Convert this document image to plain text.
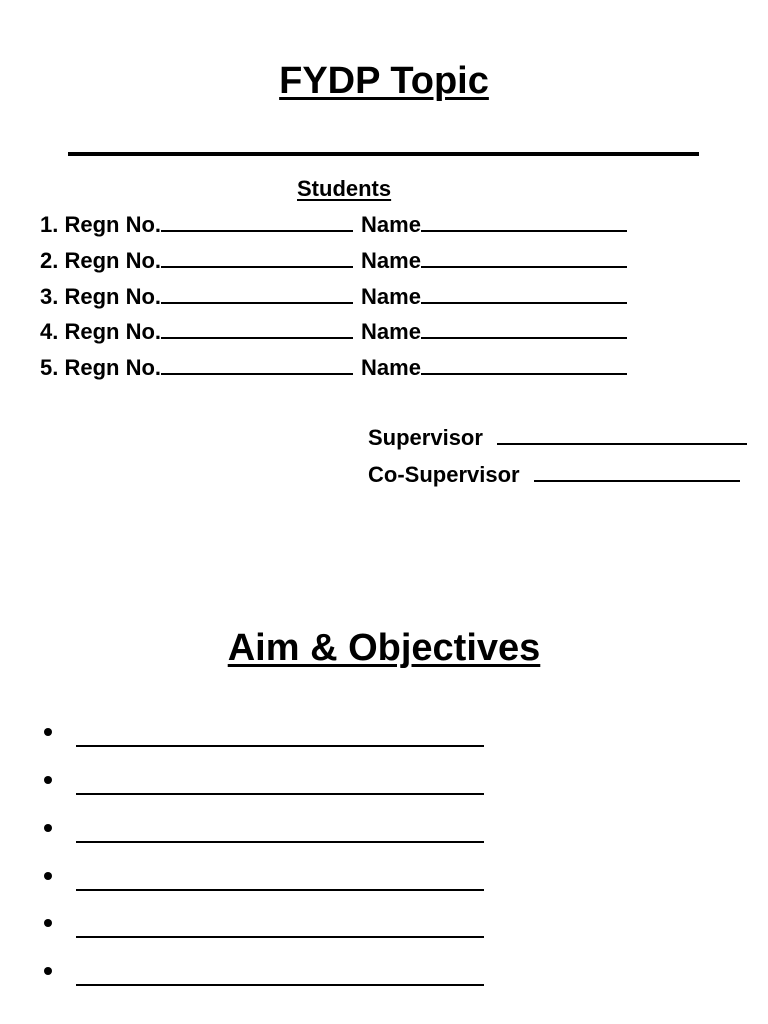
FYDP Topic
Students
1. Regn No.	Name
2. Regn No.	Name
3. Regn No.	Name
4. Regn No.	Name
5. Regn No.	Name
Supervisor
Co-Supervisor
Aim & Objectives
